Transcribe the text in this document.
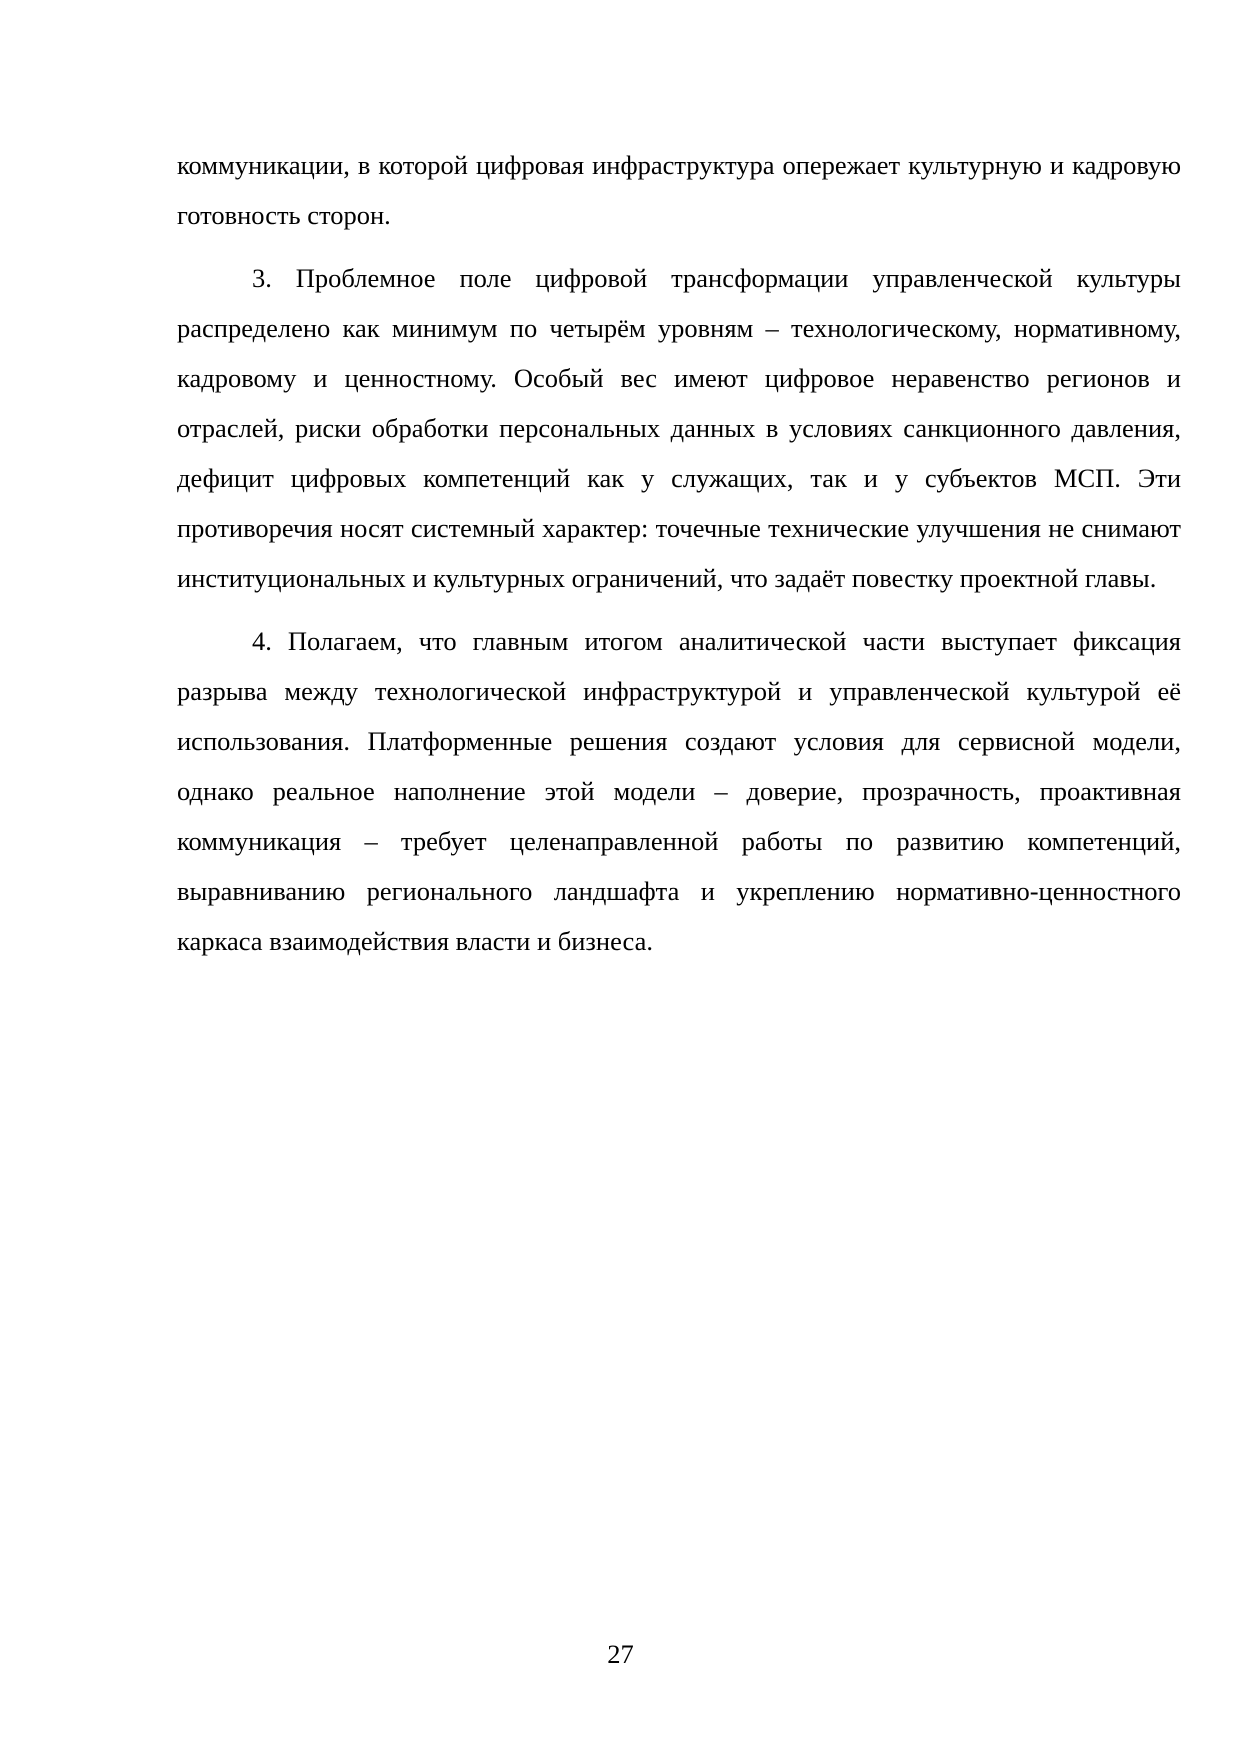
коммуникации, в которой цифровая инфраструктура опережает культурную и кадровую готовность сторон.

3. Проблемное поле цифровой трансформации управленческой культуры распределено как минимум по четырём уровням – технологическому, нормативному, кадровому и ценностному. Особый вес имеют цифровое неравенство регионов и отраслей, риски обработки персональных данных в условиях санкционного давления, дефицит цифровых компетенций как у служащих, так и у субъектов МСП. Эти противоречия носят системный характер: точечные технические улучшения не снимают институциональных и культурных ограничений, что задаёт повестку проектной главы.

4. Полагаем, что главным итогом аналитической части выступает фиксация разрыва между технологической инфраструктурой и управленческой культурой её использования. Платформенные решения создают условия для сервисной модели, однако реальное наполнение этой модели – доверие, прозрачность, проактивная коммуникация – требует целенаправленной работы по развитию компетенций, выравниванию регионального ландшафта и укреплению нормативно-ценностного каркаса взаимодействия власти и бизнеса.

27
